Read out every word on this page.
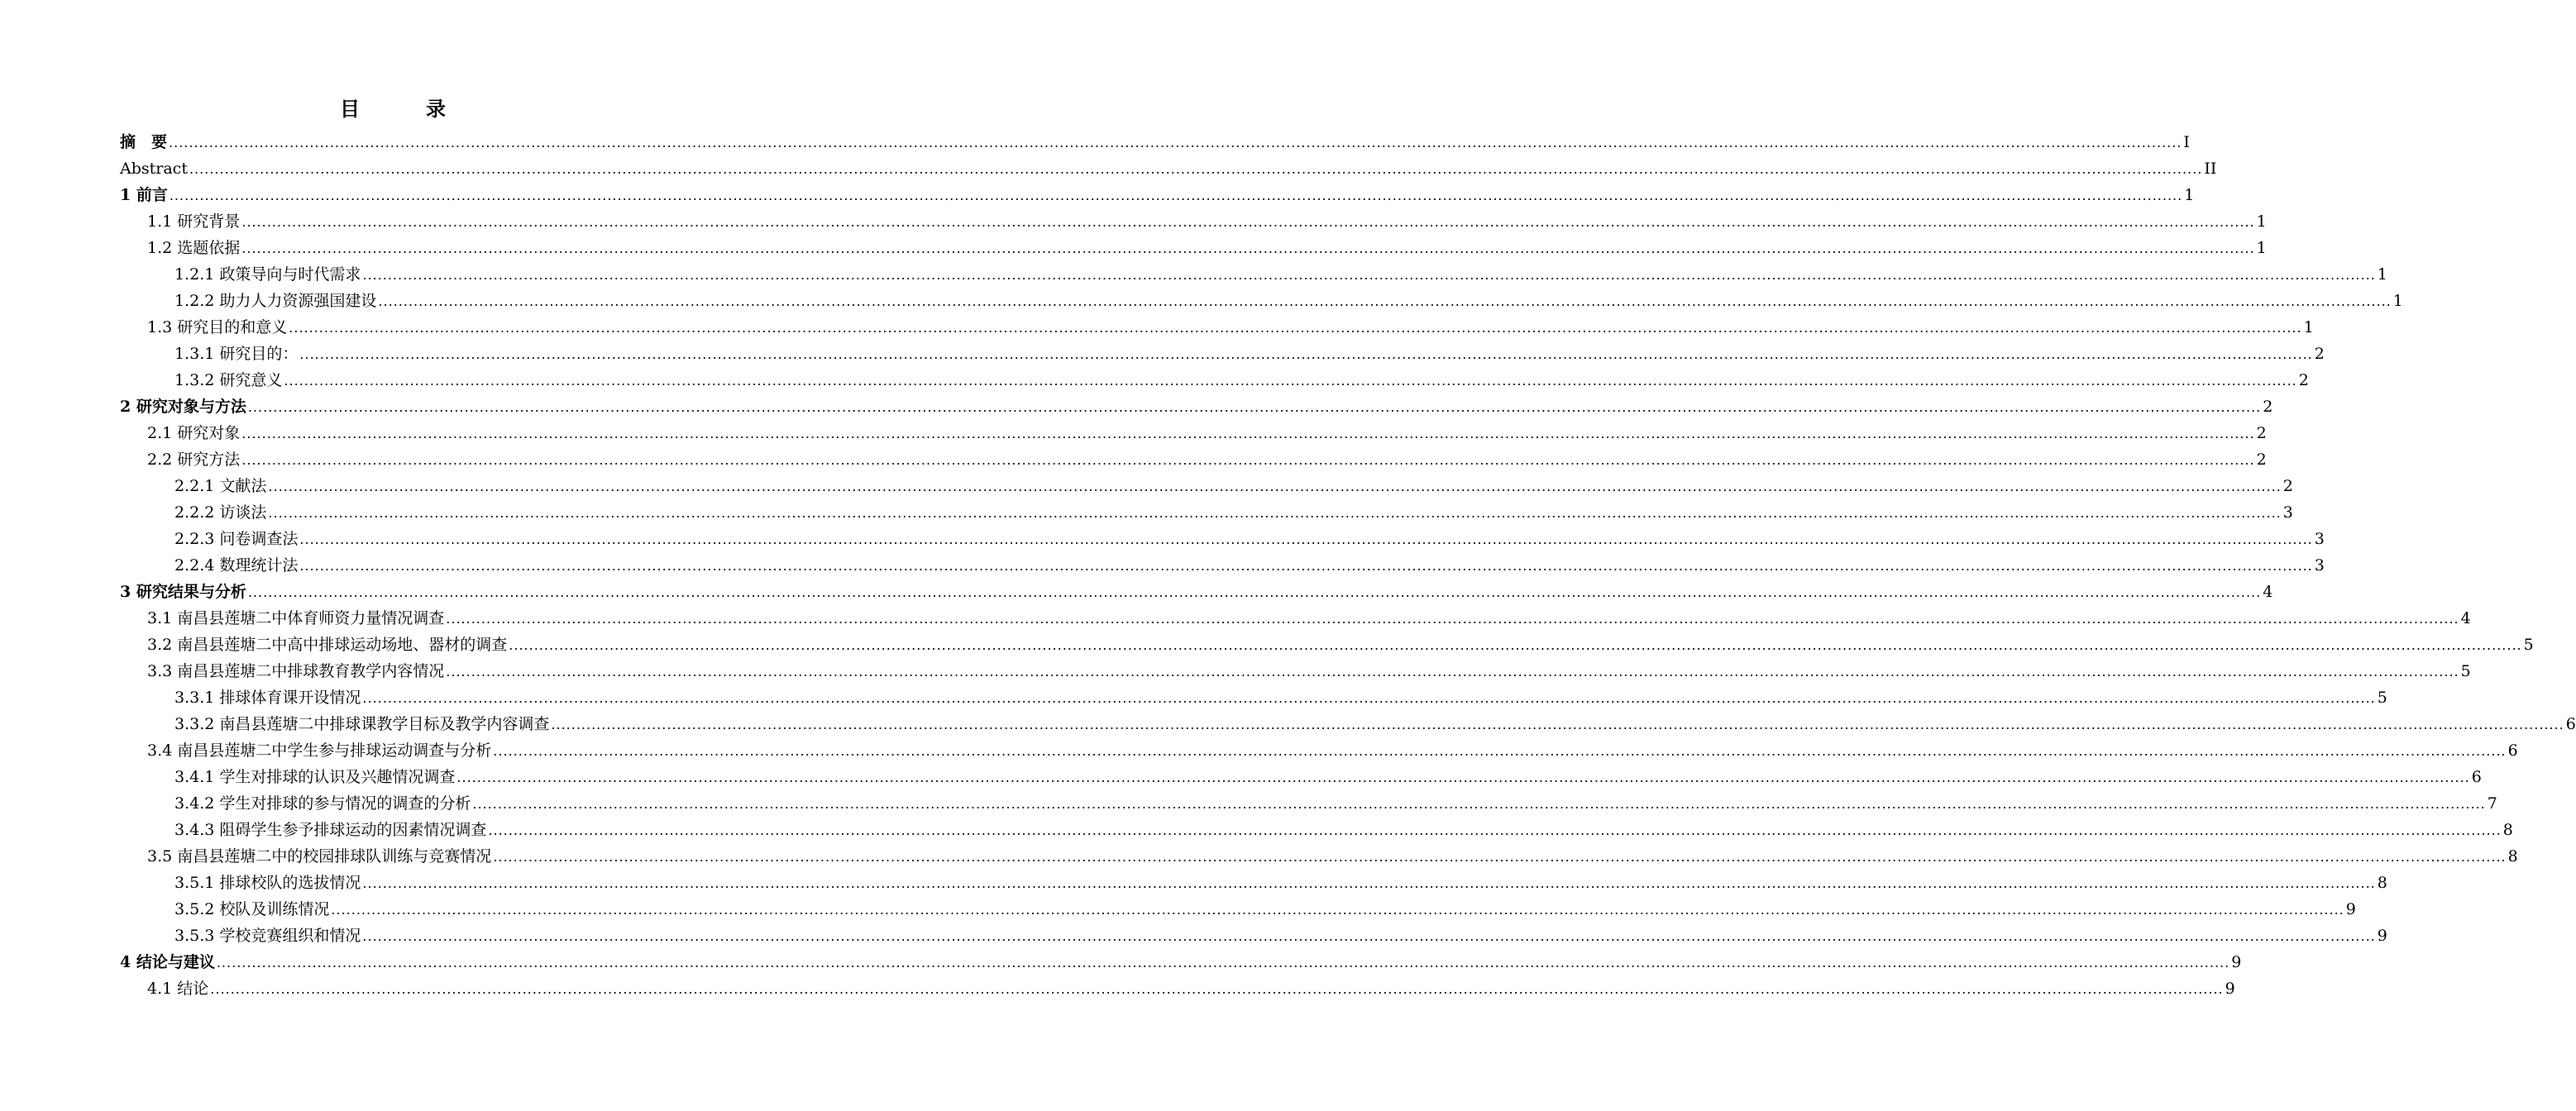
目　录
摘　要 ................................................................................................................................................................................................................................................................................................................................................................................................................ I
Abstract ................................................................................................................................................................................................................................................................................................................................................................................................................ II
1 前言 ................................................................................................................................................................................................................................................................................................................................................................................................................ 1
1.1 研究背景 ................................................................................................................................................................................................................................................................................................................................................................................................................ 1
1.2 选题依据 ................................................................................................................................................................................................................................................................................................................................................................................................................ 1
1.2.1 政策导向与时代需求 ................................................................................................................................................................................................................................................................................................................................................................................................................ 1
1.2.2 助力人力资源强国建设 ................................................................................................................................................................................................................................................................................................................................................................................................................ 1
1.3 研究目的和意义 ................................................................................................................................................................................................................................................................................................................................................................................................................ 1
1.3.1 研究目的： ................................................................................................................................................................................................................................................................................................................................................................................................................ 2
1.3.2 研究意义 ................................................................................................................................................................................................................................................................................................................................................................................................................ 2
2 研究对象与方法 ................................................................................................................................................................................................................................................................................................................................................................................................................ 2
2.1 研究对象 ................................................................................................................................................................................................................................................................................................................................................................................................................ 2
2.2 研究方法 ................................................................................................................................................................................................................................................................................................................................................................................................................ 2
2.2.1 文献法 ................................................................................................................................................................................................................................................................................................................................................................................................................ 2
2.2.2 访谈法 ................................................................................................................................................................................................................................................................................................................................................................................................................ 3
2.2.3 问卷调查法 ................................................................................................................................................................................................................................................................................................................................................................................................................ 3
2.2.4 数理统计法 ................................................................................................................................................................................................................................................................................................................................................................................................................ 3
3 研究结果与分析 ................................................................................................................................................................................................................................................................................................................................................................................................................ 4
3.1 南昌县莲塘二中体育师资力量情况调查 ................................................................................................................................................................................................................................................................................................................................................................................................................ 4
3.2 南昌县莲塘二中高中排球运动场地、器材的调查 ................................................................................................................................................................................................................................................................................................................................................................................................................ 5
3.3 南昌县莲塘二中排球教育教学内容情况 ................................................................................................................................................................................................................................................................................................................................................................................................................ 5
3.3.1 排球体育课开设情况 ................................................................................................................................................................................................................................................................................................................................................................................................................ 5
3.3.2 南昌县莲塘二中排球课教学目标及教学内容调查 ................................................................................................................................................................................................................................................................................................................................................................................................................ 6
3.4 南昌县莲塘二中学生参与排球运动调查与分析 ................................................................................................................................................................................................................................................................................................................................................................................................................ 6
3.4.1 学生对排球的认识及兴趣情况调查 ................................................................................................................................................................................................................................................................................................................................................................................................................ 6
3.4.2 学生对排球的参与情况的调查的分析 ................................................................................................................................................................................................................................................................................................................................................................................................................ 7
3.4.3 阻碍学生参予排球运动的因素情况调查 ................................................................................................................................................................................................................................................................................................................................................................................................................ 8
3.5 南昌县莲塘二中的校园排球队训练与竞赛情况 ................................................................................................................................................................................................................................................................................................................................................................................................................ 8
3.5.1 排球校队的选拔情况 ................................................................................................................................................................................................................................................................................................................................................................................................................ 8
3.5.2 校队及训练情况 ................................................................................................................................................................................................................................................................................................................................................................................................................ 9
3.5.3 学校竞赛组织和情况 ................................................................................................................................................................................................................................................................................................................................................................................................................ 9
4 结论与建议 ................................................................................................................................................................................................................................................................................................................................................................................................................ 9
4.1 结论 ................................................................................................................................................................................................................................................................................................................................................................................................................ 9
